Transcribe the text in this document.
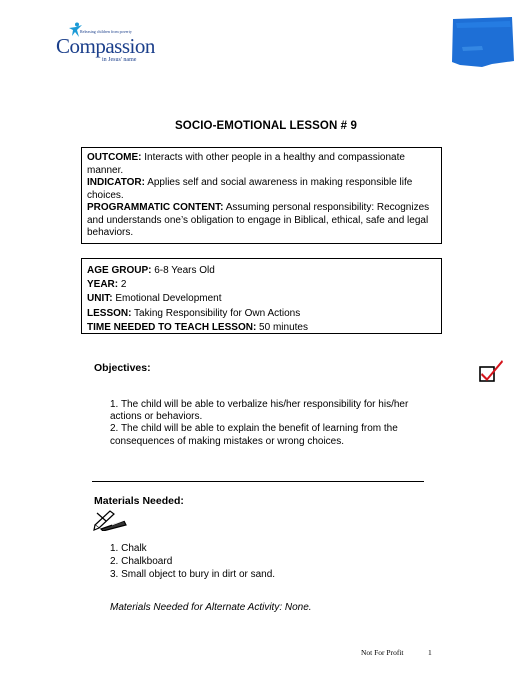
Releasing children from poverty
Compassion
in Jesus' name
SOCIO-EMOTIONAL LESSON # 9
OUTCOME: Interacts with other people in a healthy and compassionate manner.
INDICATOR: Applies self and social awareness in making responsible life choices.
PROGRAMMATIC CONTENT: Assuming personal responsibility: Recognizes and understands one’s obligation to engage in Biblical, ethical, safe and legal behaviors.
AGE GROUP: 6-8 Years Old
YEAR: 2
UNIT: Emotional Development
LESSON: Taking Responsibility for Own Actions
TIME NEEDED TO TEACH LESSON: 50 minutes
Objectives:

1. The child will be able to verbalize his/her responsibility for his/her actions or behaviors.

2. The child will be able to explain the benefit of learning from the consequences of making mistakes or wrong choices.

Materials Needed:
1. Chalk
2. Chalkboard
3. Small object to bury in dirt or sand.
Materials Needed for Alternate Activity: None.
Not For Profit	1
